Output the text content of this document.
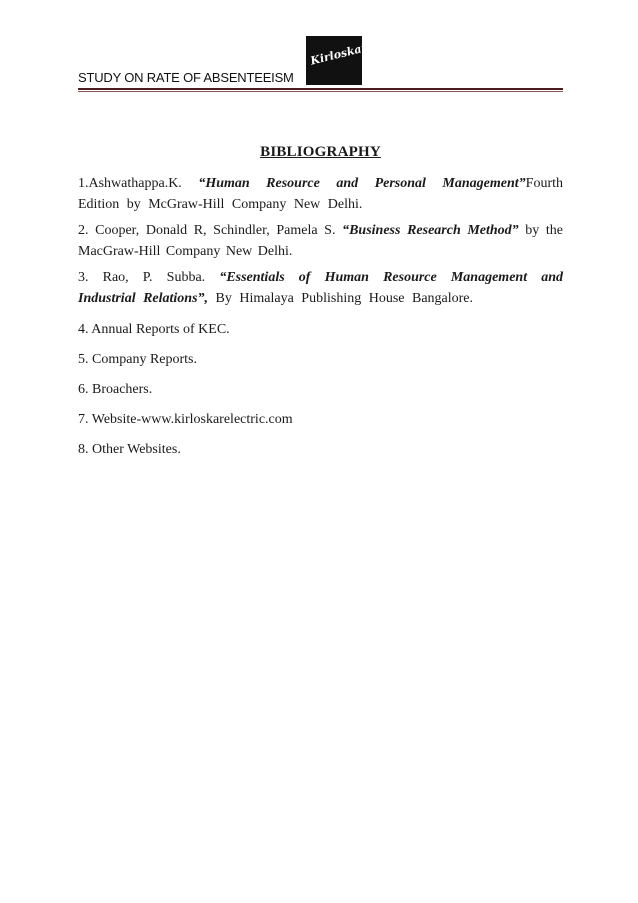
STUDY ON RATE OF ABSENTEEISM
Kirloskar
BIBLIOGRAPHY

1.Ashwathappa.K. “Human Resource and Personal Management”Fourth Edition by McGraw-Hill Company New Delhi.

2. Cooper, Donald R, Schindler, Pamela S. “Business Research Method” by the MacGraw-Hill Company New Delhi.

3. Rao, P. Subba. “Essentials of Human Resource Management and Industrial Relations”, By Himalaya Publishing House Bangalore.

4. Annual Reports of KEC.

5. Company Reports.

6. Broachers.

7. Website-www.kirloskarelectric.com

8. Other Websites.
